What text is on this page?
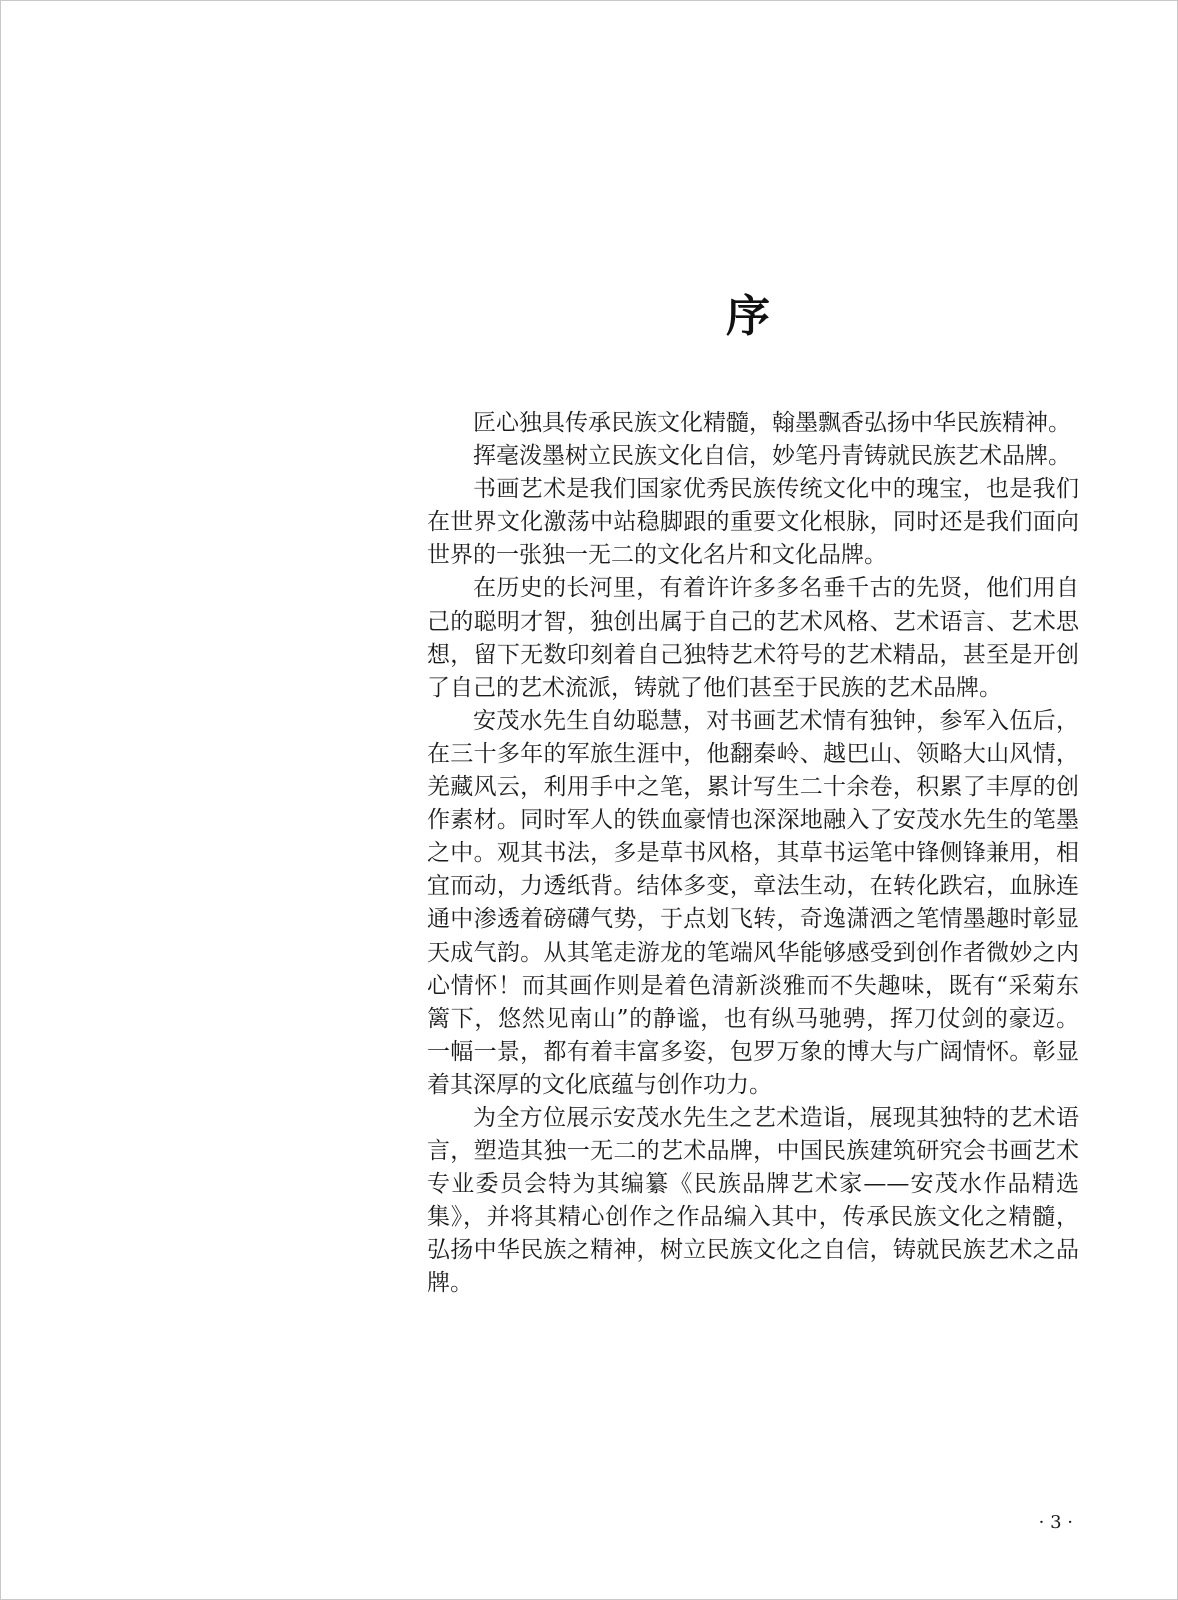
序

匠心独具传承民族文化精髓，翰墨飘香弘扬中华民族精神。

挥毫泼墨树立民族文化自信，妙笔丹青铸就民族艺术品牌。

书画艺术是我们国家优秀民族传统文化中的瑰宝，也是我们在世界文化激荡中站稳脚跟的重要文化根脉，同时还是我们面向世界的一张独一无二的文化名片和文化品牌。

在历史的长河里，有着许许多多名垂千古的先贤，他们用自己的聪明才智，独创出属于自己的艺术风格、艺术语言、艺术思想，留下无数印刻着自己独特艺术符号的艺术精品，甚至是开创了自己的艺术流派，铸就了他们甚至于民族的艺术品牌。

安茂水先生自幼聪慧，对书画艺术情有独钟，参军入伍后，在三十多年的军旅生涯中，他翻秦岭、越巴山、领略大山风情，羌藏风云，利用手中之笔，累计写生二十余卷，积累了丰厚的创作素材。同时军人的铁血豪情也深深地融入了安茂水先生的笔墨之中。观其书法，多是草书风格，其草书运笔中锋侧锋兼用，相宜而动，力透纸背。结体多变，章法生动，在转化跌宕，血脉连通中渗透着磅礴气势，于点划飞转，奇逸潇洒之笔情墨趣时彰显天成气韵。从其笔走游龙的笔端风华能够感受到创作者微妙之内心情怀！而其画作则是着色清新淡雅而不失趣味，既有“采菊东篱下，悠然见南山”的静谧，也有纵马驰骋，挥刀仗剑的豪迈。一幅一景，都有着丰富多姿，包罗万象的博大与广阔情怀。彰显着其深厚的文化底蕴与创作功力。

为全方位展示安茂水先生之艺术造诣，展现其独特的艺术语言，塑造其独一无二的艺术品牌，中国民族建筑研究会书画艺术专业委员会特为其编纂《民族品牌艺术家——安茂水作品精选集》，并将其精心创作之作品编入其中，传承民族文化之精髓，弘扬中华民族之精神，树立民族文化之自信，铸就民族艺术之品牌。

· 3 ·
